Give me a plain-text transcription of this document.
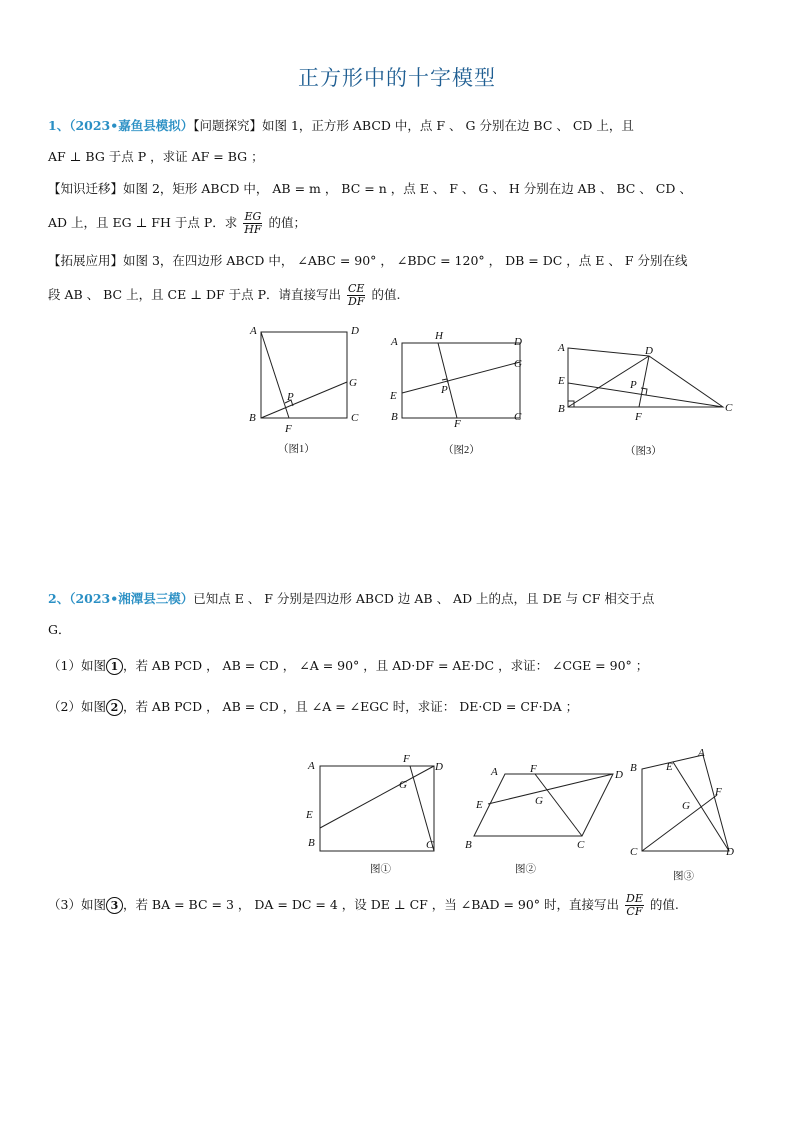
正方形中的十字模型
1、（2023•嘉鱼县模拟）【问题探究】如图 1，正方形 ABCD 中，点 F 、 G 分别在边 BC 、 CD 上，且
AF ⊥ BG 于点 P ，求证 AF = BG ；
【知识迁移】如图 2，矩形 ABCD 中， AB = m ， BC = n ，点 E 、 F 、 G 、 H 分别在边 AB 、 BC 、 CD 、
AD 上，且 EG ⊥ FH 于点 P．求 $\frac{EG}{HF}$ 的值；
【拓展应用】如图 3，在四边形 ABCD 中， ∠ABC = 90° ， ∠BDC = 120° ， DB = DC ，点 E 、 F 分别在线
段 AB 、 BC 上，且 CE ⊥ DF 于点 P．请直接写出 $\frac{CE}{DF}$ 的值.
A	D
B	C
P
F
G
（图1）
A	D
H
E
G
P
B	C
F
（图2）
A	D
E	P
B
F
C
（图3）
2、（2023•湘潭县三模）已知点 E 、 F 分别是四边形 ABCD 边 AB 、 AD 上的点，且 DE 与 CF 相交于点
G．
（1）如图 1 ，若 AB PCD ， AB = CD ， ∠A = 90° ，且 AD·DF = AE·DC ，求证： ∠CGE = 90° ；
（2）如图 2 ，若 AB PCD ， AB = CD ，且 ∠A = ∠EGC 时，求证： DE·CD = CF·DA ；
A
F
D
G
E
B	C
图①
A	F	D
E	G
B	C
图②
B
A
E
F
G
C	D
图③
（3）如图 3 ，若 BA = BC = 3 ， DA = DC = 4 ，设 DE ⊥ CF ，当 ∠BAD = 90° 时，直接写出 $\frac{DE}{CF}$ 的值.
